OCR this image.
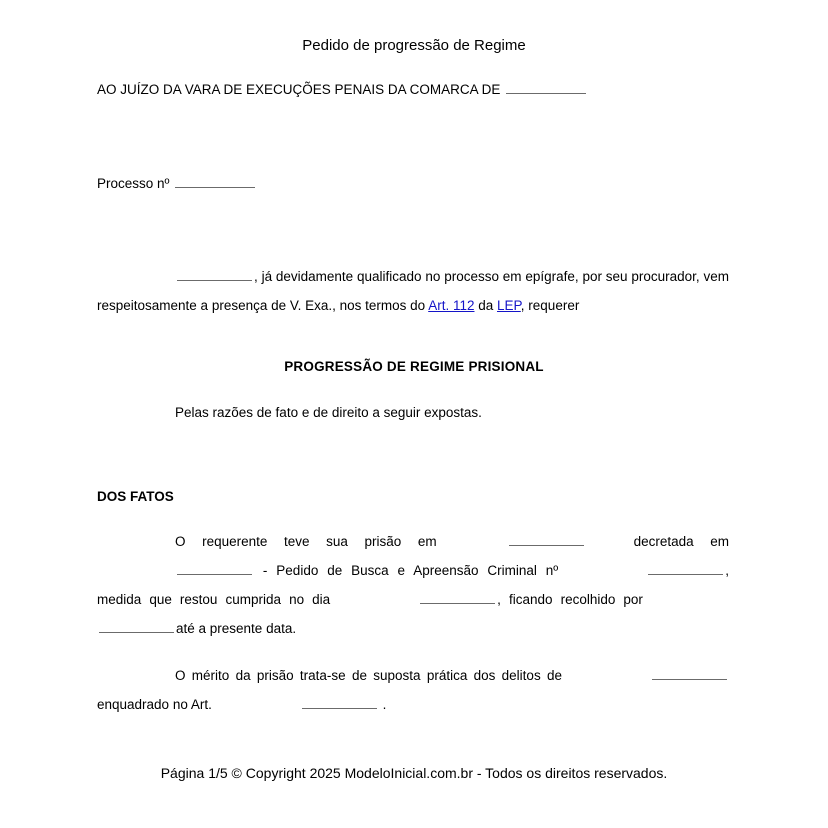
Pedido de progressão de Regime
AO JUÍZO DA VARA DE EXECUÇÕES PENAIS DA COMARCA DE
Processo nº
, já devidamente qualificado no processo em epígrafe, por seu procurador, vem respeitosamente a presença de V. Exa., nos termos do Art. 112 da LEP, requerer
PROGRESSÃO DE REGIME PRISIONAL
Pelas razões de fato e de direito a seguir expostas.
DOS FATOS
O requerente teve sua prisão em	decretada em  - Pedido de Busca e Apreensão Criminal nº	, medida que restou cumprida no dia	, ficando recolhido por até a presente data.
O mérito da prisão trata-se de suposta prática dos delitos de enquadrado no Art.	.
Página 1/5 © Copyright 2025 ModeloInicial.com.br - Todos os direitos reservados.
